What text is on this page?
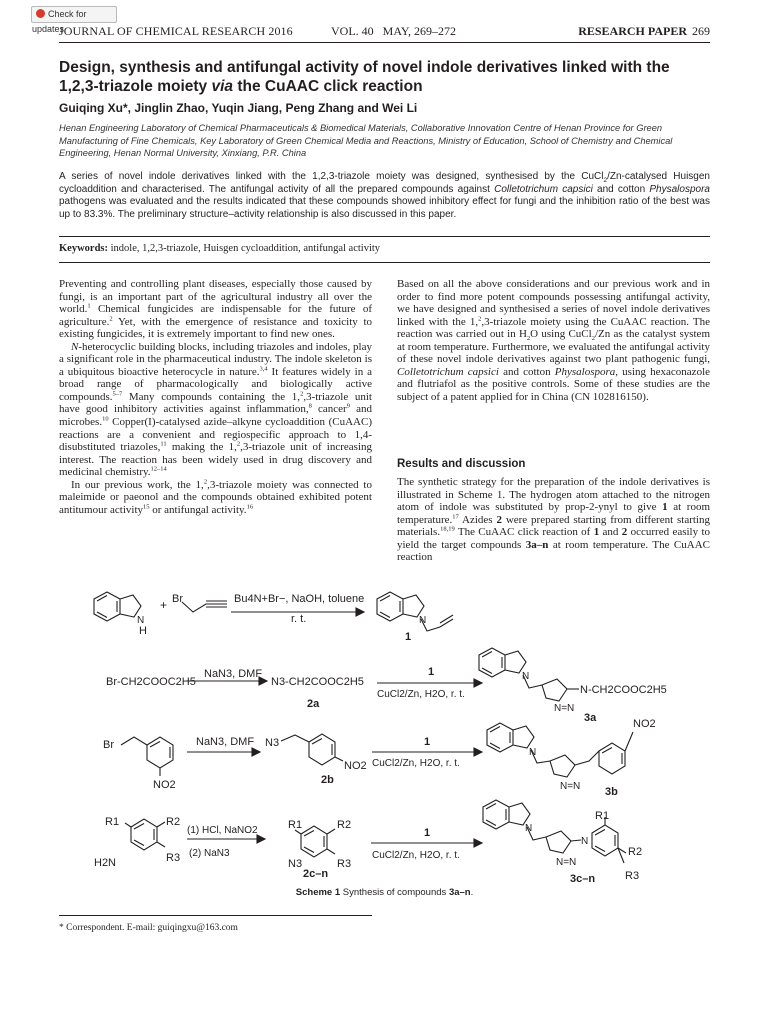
Check for updates
JOURNAL OF CHEMICAL RESEARCH 2016	VOL. 40   MAY, 269–272	RESEARCH PAPER 269
Design, synthesis and antifungal activity of novel indole derivatives linked with the 1,2,3-triazole moiety via the CuAAC click reaction
Guiqing Xu*, Jinglin Zhao, Yuqin Jiang, Peng Zhang and Wei Li
Henan Engineering Laboratory of Chemical Pharmaceuticals & Biomedical Materials, Collaborative Innovation Centre of Henan Province for Green Manufacturing of Fine Chemicals, Key Laboratory of Green Chemical Media and Reactions, Ministry of Education, School of Chemistry and Chemical Engineering, Henan Normal University, Xinxiang, P.R. China
A series of novel indole derivatives linked with the 1,2,3-triazole moiety was designed, synthesised by the CuCl$_2$/Zn-catalysed Huisgen cycloaddition and characterised. The antifungal activity of all the prepared compounds against Colletotrichum capsici and cotton Physalospora pathogens was evaluated and the results indicated that these compounds showed inhibitory effect for fungi and the inhibition ratio of the best was up to 83.3%. The preliminary structure–activity relationship is also discussed in this paper.
Keywords: indole, 1,2,3-triazole, Huisgen cycloaddition, antifungal activity

Preventing and controlling plant diseases, especially those caused by fungi, is an important part of the agricultural industry all over the world.$^1$ Chemical fungicides are indispensable for the future of agriculture.$^2$ Yet, with the emergence of resistance and toxicity to existing fungicides, it is extremely important to find new ones.

N-heterocyclic building blocks, including triazoles and indoles, play a significant role in the pharmaceutical industry. The indole skeleton is a ubiquitous bioactive heterocycle in nature.$^{3,4}$ It features widely in a broad range of pharmacologically and biologically active compounds.$^{5-7}$ Many compounds containing the 1,$^2$,3-triazole unit have good inhibitory activities against inflammation,$^8$ cancer$^9$ and microbes.$^{10}$ Copper(I)-catalysed azide–alkyne cycloaddition (CuAAC) reactions are a convenient and regiospecific approach to 1,4-disubstituted triazoles,$^{11}$ making the 1,$^2$,3-triazole unit of increasing interest. The reaction has been widely used in drug discovery and medicinal chemistry.$^{12-14}$

In our previous work, the 1,$^2$,3-triazole moiety was connected to maleimide or paeonol and the compounds obtained exhibited potent antitumour activity$^{15}$ or antifungal activity.$^{16}$

Based on all the above considerations and our previous work and in order to find more potent compounds possessing antifungal activity, we have designed and synthesised a series of novel indole derivatives linked with the 1,$^2$,3-triazole moiety using the CuAAC reaction. The reaction was carried out in $H_2O$ using CuCl$_2$/Zn as the catalyst system at room temperature. Furthermore, we evaluated the antifungal activity of these novel indole derivatives against two plant pathogenic fungi, Colletotrichum capsici and cotton Physalospora, using hexaconazole and flutriafol as the positive controls. Some of these studies are the subject of a patent applied for in China (CN 102816150).

Results and discussion

The synthetic strategy for the preparation of the indole derivatives is illustrated in Scheme 1. The hydrogen atom attached to the nitrogen atom of indole was substituted by prop-2-ynyl to give 1 at room temperature.$^{17}$ Azides 2 were prepared starting from different starting materials.$^{18,19}$ The CuAAC click reaction of 1 and 2 occurred easily to yield the target compounds 3a–n at room temperature. The CuAAC reaction

H
N
+ Br	Bu4N+Br−, NaOH, toluene
r. t.	N
1
Br-CH2COOC2H5
NaN3, DMF
N3-CH2COOC2H5
2a
1
CuCl2/Zn, H2O, r. t.
N
N-CH2COOC2H5
N=N
3a
Br
NO2
NaN3, DMF N3
NO2
2b
1
CuCl2/Zn, H2O, r. t.
N
N=N
NO2
3b
R1	R2
R3
H2N
(1) HCl, NaNO2
(2) NaN3
R1	R2
R3
N3
2c–n
1
CuCl2/Zn, H2O, r. t.
N
N
N=N
R1
R2
R3
3c–n
Scheme 1 Synthesis of compounds 3a–n.
* Correspondent. E-mail: guiqingxu@163.com
